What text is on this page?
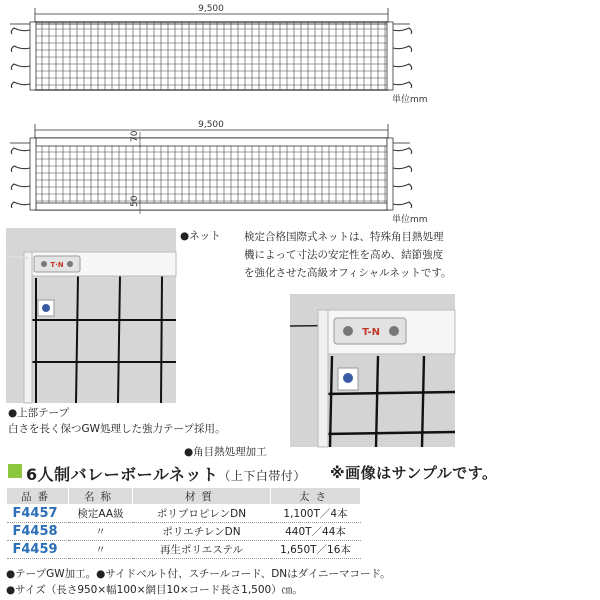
9,500
単位mm
9,500
70
50
単位mm
T·N
●ネット 検定合格国際式ネットは、特殊角目熱処理
機によって寸法の安定性を高め、結節強度
を強化させた高級オフィシャルネットです。
T-N
●上部テープ
白さを長く保つGW処理した強力テープ採用。
●角目熱処理加工
6人制バレーボールネット（上下白帯付） ※画像はサンプルです。
品番	名称	材質	太さ	
F4457	検定AA級	ポリプロピレンDN	1,100T／4本	
F4458	〃	ポリエチレンDN	440T／44本	
F4459	〃	再生ポリエステル	1,650T／16本	
●テープGW加工。●サイドベルト付、スチールコード、DNはダイニーマコード。
●サイズ（長さ950×幅100×網目10×コード長さ1,500）㎝。
